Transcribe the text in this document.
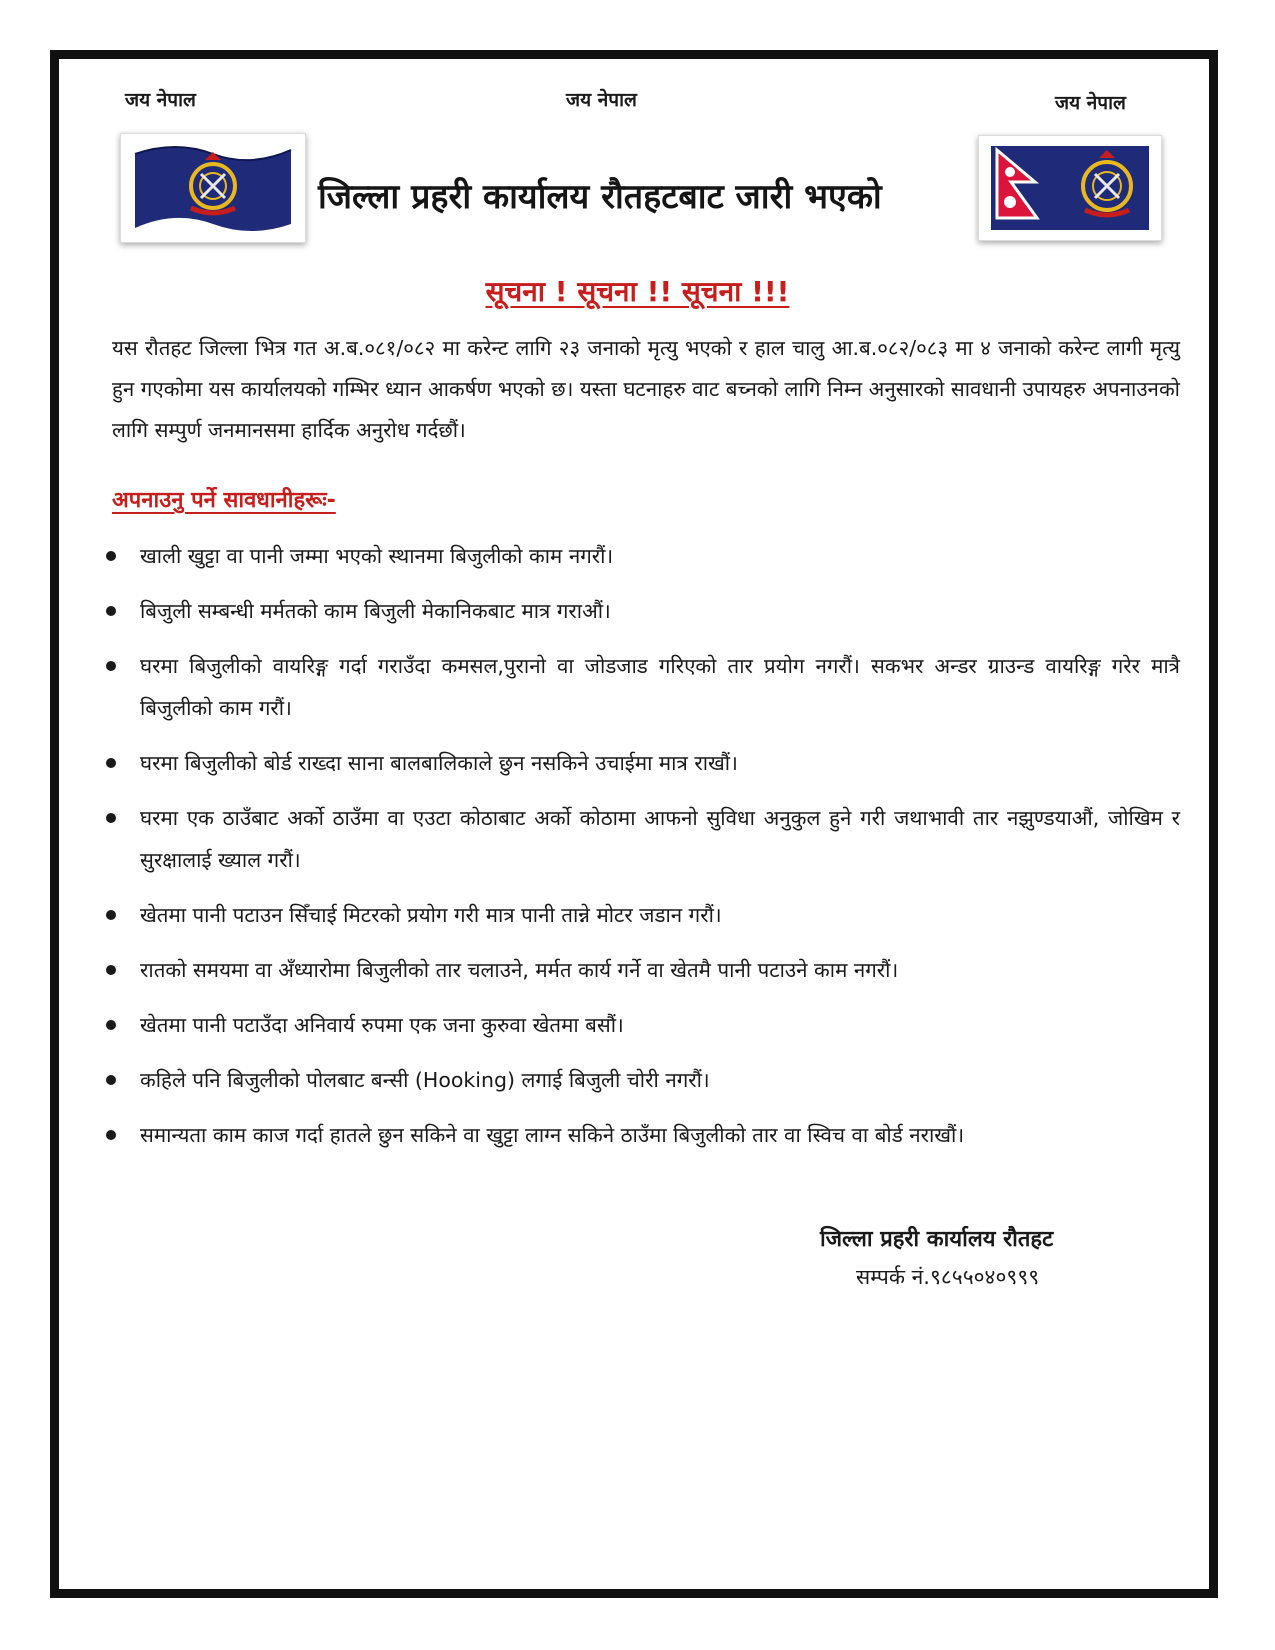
जय नेपाल	जय नेपाल	जय नेपाल
जिल्ला प्रहरी कार्यालय रौतहटबाट जारी भएको
सूचना ! सूचना !! सूचना !!!
यस रौतहट जिल्ला भित्र गत अ.ब.०८१/०८२ मा करेन्ट लागि २३ जनाको मृत्यु भएको र हाल चालु आ.ब.०८२/०८३ मा ४ जनाको करेन्ट लागी मृत्यु हुन गएकोमा यस कार्यालयको गम्भिर ध्यान आकर्षण भएको छ। यस्ता घटनाहरु वाट बच्नको लागि निम्न अनुसारको सावधानी उपायहरु अपनाउनको लागि सम्पुर्ण जनमानसमा हार्दिक अनुरोध गर्दछौं।
अपनाउनु पर्ने सावधानीहरूः-
खाली खुट्टा वा पानी जम्मा भएको स्थानमा बिजुलीको काम नगरौं।
बिजुली सम्बन्धी मर्मतको काम बिजुली मेकानिकबाट मात्र गराऔं।
घरमा बिजुलीको वायरिङ्ग गर्दा गराउँदा कमसल,पुरानो वा जोडजाड गरिएको तार प्रयोग नगरौं। सकभर अन्डर ग्राउन्ड वायरिङ्ग गरेर मात्रै बिजुलीको काम गरौं।
घरमा बिजुलीको बोर्ड राख्दा साना बालबालिकाले छुन नसकिने उचाईमा मात्र राखौं।
घरमा एक ठाउँबाट अर्को ठाउँमा वा एउटा कोठाबाट अर्को कोठामा आफनो सुविधा अनुकुल हुने गरी जथाभावी तार नझुण्डयाऔं, जोखिम र सुरक्षालाई ख्याल गरौं।
खेतमा पानी पटाउन सिँचाई मिटरको प्रयोग गरी मात्र पानी तान्ने मोटर जडान गरौं।
रातको समयमा वा अँध्यारोमा बिजुलीको तार चलाउने, मर्मत कार्य गर्ने वा खेतमै पानी पटाउने काम नगरौं।
खेतमा पानी पटाउँदा अनिवार्य रुपमा एक जना कुरुवा खेतमा बसौं।
कहिले पनि बिजुलीको पोलबाट बन्सी (Hooking) लगाई बिजुली चोरी नगरौं।
समान्यता काम काज गर्दा हातले छुन सकिने वा खुट्टा लाग्न सकिने ठाउँमा बिजुलीको तार वा स्विच वा बोर्ड नराखौं।
जिल्ला प्रहरी कार्यालय रौतहट
सम्पर्क नं.९८५५०४०९९९
